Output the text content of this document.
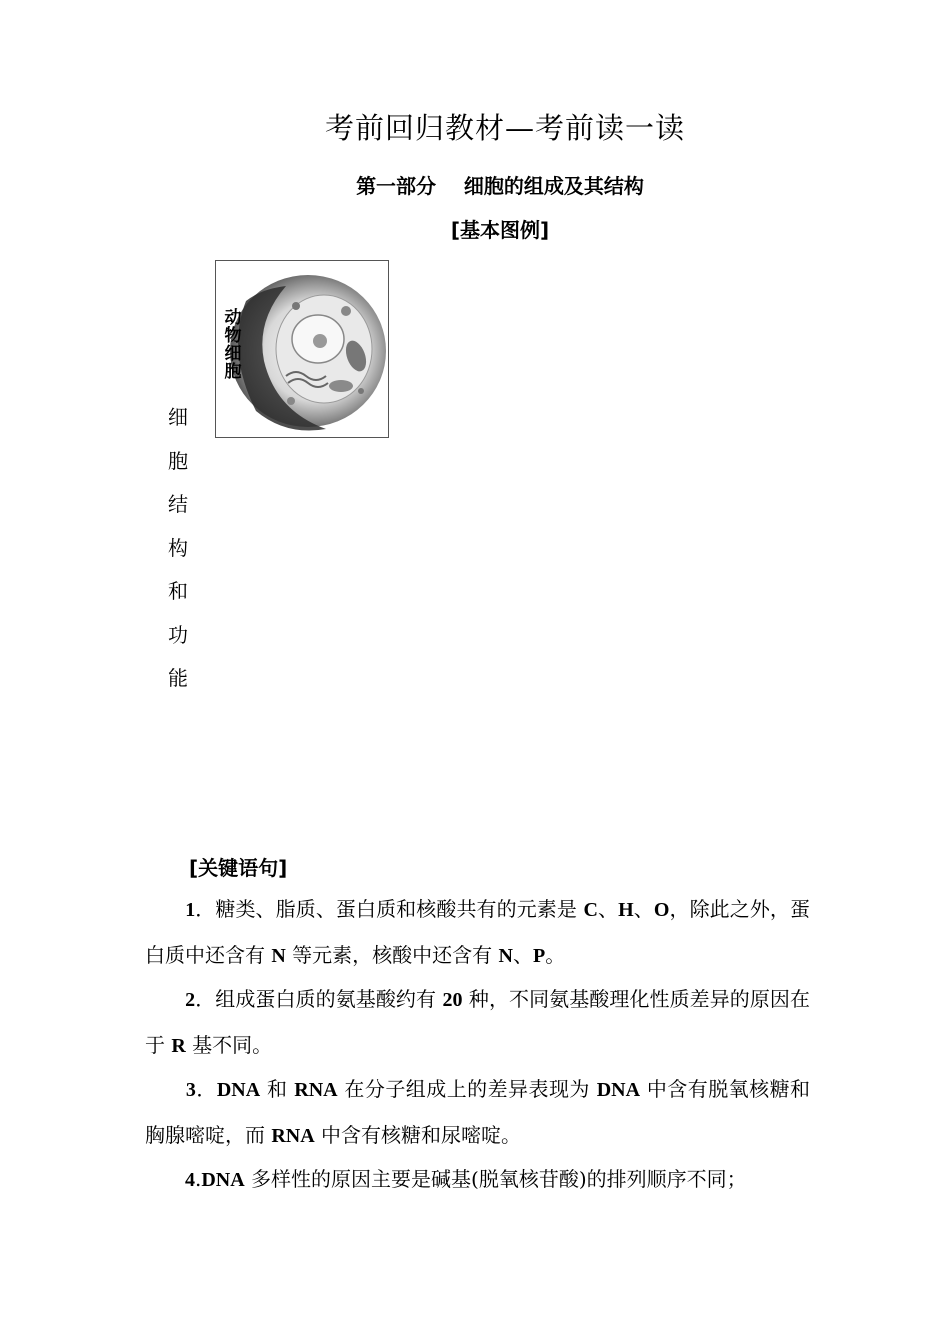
考前回归教材—考前读一读
第一部分    细胞的组成及其结构
[基本图例]
动
物
细
胞
细
胞
结
构
和
功
能
[关键语句]
　　1．糖类、脂质、蛋白质和核酸共有的元素是 C、H、O，除此之外，蛋白质中还含有 N 等元素，核酸中还含有 N、P。
　　2．组成蛋白质的氨基酸约有 20 种，不同氨基酸理化性质差异的原因在于 R 基不同。
　　3．DNA 和 RNA 在分子组成上的差异表现为 DNA 中含有脱氧核糖和胸腺嘧啶，而 RNA 中含有核糖和尿嘧啶。
　　4.DNA 多样性的原因主要是碱基(脱氧核苷酸)的排列顺序不同；
